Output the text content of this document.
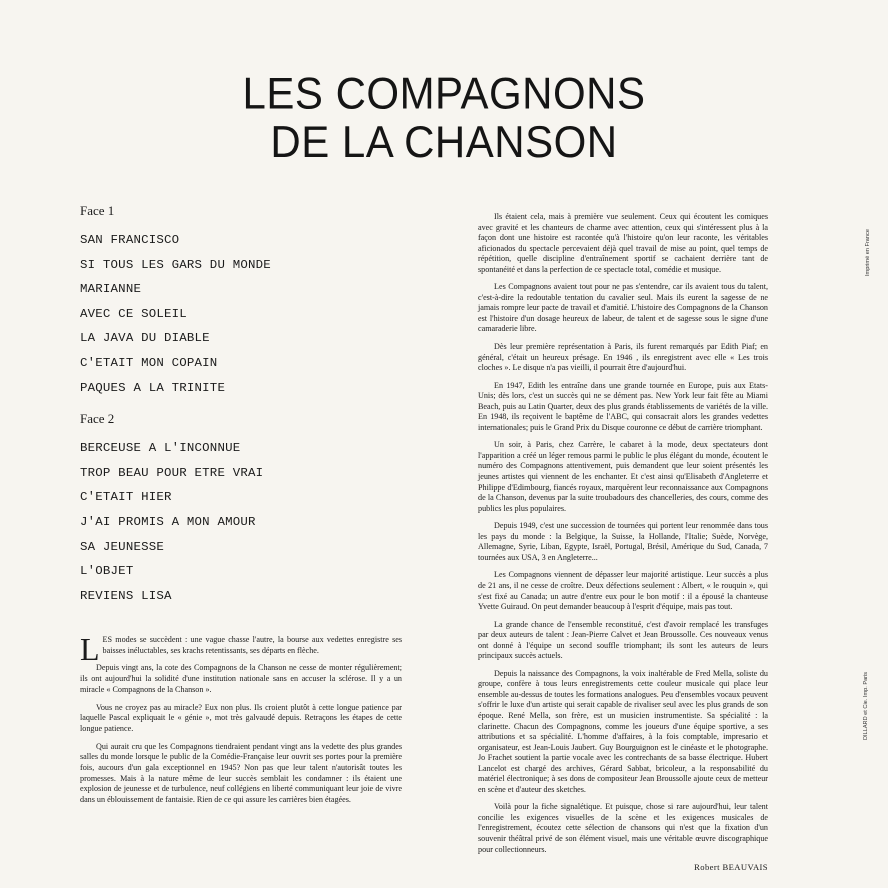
LES COMPAGNONS
DE LA CHANSON
Face 1
SAN FRANCISCO
SI TOUS LES GARS DU MONDE
MARIANNE
AVEC CE SOLEIL
LA JAVA DU DIABLE
C'ETAIT MON COPAIN
PAQUES A LA TRINITE
Face 2
BERCEUSE A L'INCONNUE
TROP BEAU POUR ETRE VRAI
C'ETAIT HIER
J'AI PROMIS A MON AMOUR
SA JEUNESSE
L'OBJET
REVIENS LISA

LES modes se succèdent : une vague chasse l'autre, la bourse aux vedettes enregistre ses baisses inéluctables, ses krachs retentissants, ses départs en flèche.

Depuis vingt ans, la cote des Compagnons de la Chanson ne cesse de monter régulièrement; ils ont aujourd'hui la solidité d'une institution nationale sans en accuser la sclérose. Il y a un miracle « Compagnons de la Chanson ».

Vous ne croyez pas au miracle? Eux non plus. Ils croient plutôt à cette longue patience par laquelle Pascal expliquait le « génie », mot très galvaudé depuis. Retraçons les étapes de cette longue patience.

Qui aurait cru que les Compagnons tiendraient pendant vingt ans la vedette des plus grandes salles du monde lorsque le public de la Comédie-Française leur ouvrit ses portes pour la première fois, aucours d'un gala exceptionnel en 1945? Non pas que leur talent n'autorisât toutes les promesses. Mais à la nature même de leur succès semblait les condamner : ils étaient une explosion de jeunesse et de turbulence, neuf collégiens en liberté communiquant leur joie de vivre dans un éblouissement de fantaisie. Rien de ce qui assure les carrières bien étagées.

Ils étaient cela, mais à première vue seulement. Ceux qui écoutent les comiques avec gravité et les chanteurs de charme avec attention, ceux qui s'intéressent plus à la façon dont une histoire est racontée qu'à l'histoire qu'on leur raconte, les véritables aficionados du spectacle percevaient déjà quel travail de mise au point, quel temps de répétition, quelle discipline d'entraînement sportif se cachaient derrière tant de spontanéité et dans la perfection de ce spectacle total, comédie et musique.

Les Compagnons avaient tout pour ne pas s'entendre, car ils avaient tous du talent, c'est-à-dire la redoutable tentation du cavalier seul. Mais ils eurent la sagesse de ne jamais rompre leur pacte de travail et d'amitié. L'histoire des Compagnons de la Chanson est l'histoire d'un dosage heureux de labeur, de talent et de sagesse sous le signe d'une camaraderie libre.

Dès leur première représentation à Paris, ils furent remarqués par Edith Piaf; en général, c'était un heureux présage. En 1946 , ils enregistrent avec elle « Les trois cloches ». Le disque n'a pas vieilli, il pourrait être d'aujourd'hui.

En 1947, Edith les entraîne dans une grande tournée en Europe, puis aux Etats-Unis; dès lors, c'est un succès qui ne se dément pas. New York leur fait fête au Miami Beach, puis au Latin Quarter, deux des plus grands établissements de variétés de la ville. En 1948, ils reçoivent le baptême de l'ABC, qui consacrait alors les grandes vedettes internationales; puis le Grand Prix du Disque couronne ce début de carrière triomphant.

Un soir, à Paris, chez Carrère, le cabaret à la mode, deux spectateurs dont l'apparition a créé un léger remous parmi le public le plus élégant du monde, écoutent le numéro des Compagnons attentivement, puis demandent que leur soient présentés les jeunes artistes qui viennent de les enchanter. Et c'est ainsi qu'Elisabeth d'Angleterre et Philippe d'Edimbourg, fiancés royaux, marquèrent leur reconnaissance aux Compagnons de la Chanson, devenus par la suite troubadours des chancelleries, des cours, comme des publics les plus populaires.

Depuis 1949, c'est une succession de tournées qui portent leur renommée dans tous les pays du monde : la Belgique, la Suisse, la Hollande, l'Italie; Suède, Norvège, Allemagne, Syrie, Liban, Egypte, Israël, Portugal, Brésil, Amérique du Sud, Canada, 7 tournées aux USA, 3 en Angleterre...

Les Compagnons viennent de dépasser leur majorité artistique. Leur succès a plus de 21 ans, il ne cesse de croître. Deux défections seulement : Albert, « le rouquin », qui s'est fixé au Canada; un autre d'entre eux pour le bon motif : il a épousé la chanteuse Yvette Guiraud. On peut demander beaucoup à l'esprit d'équipe, mais pas tout.

La grande chance de l'ensemble reconstitué, c'est d'avoir remplacé les transfuges par deux auteurs de talent : Jean-Pierre Calvet et Jean Broussolle. Ces nouveaux venus ont donné à l'équipe un second souffle triomphant; ils sont les auteurs de leurs principaux succès actuels.

Depuis la naissance des Compagnons, la voix inaltérable de Fred Mella, soliste du groupe, confère à tous leurs enregistrements cette couleur musicale qui place leur ensemble au-dessus de toutes les formations analogues. Peu d'ensembles vocaux peuvent s'offrir le luxe d'un artiste qui serait capable de rivaliser seul avec les plus grands de son époque. René Mella, son frère, est un musicien instrumentiste. Sa spécialité : la clarinette. Chacun des Compagnons, comme les joueurs d'une équipe sportive, a ses attributions et sa spécialité. L'homme d'affaires, à la fois comptable, impresario et organisateur, est Jean-Louis Jaubert. Guy Bourguignon est le cinéaste et le photographe. Jo Frachet soutient la partie vocale avec les contrechants de sa basse électrique. Hubert Lancelot est chargé des archives, Gérard Sabbat, bricoleur, a la responsabilité du matériel électronique; à ses dons de compositeur Jean Broussolle ajoute ceux de metteur en scène et d'auteur des sketches.

Voilà pour la fiche signalétique. Et puisque, chose si rare aujourd'hui, leur talent concilie les exigences visuelles de la scène et les exigences musicales de l'enregistrement, écoutez cette sélection de chansons qui n'est que la fixation d'un souvenir théâtral privé de son élément visuel, mais une véritable œuvre discographique pour collectionneurs.

Robert BEAUVAIS
Imprimé en France
DILLARD et Cie. Imp. Paris
